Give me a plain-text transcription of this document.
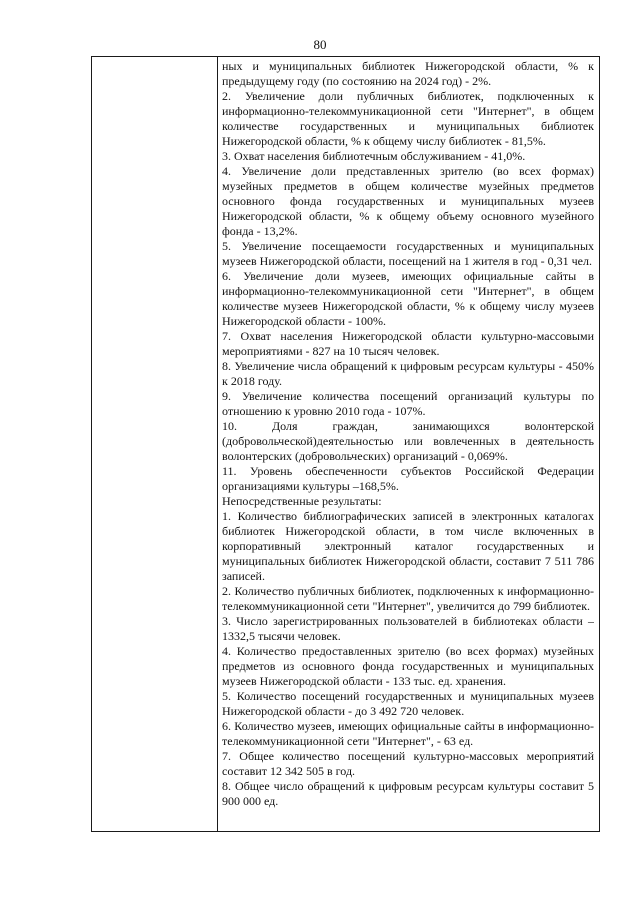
80

ных и муниципальных библиотек Нижегородской области, % к предыдущему году (по состоянию на 2024 год) - 2%.

2. Увеличение доли публичных библиотек, подключенных к информационно-телекоммуникационной сети "Интернет", в общем количестве государственных и муниципальных библиотек Нижегородской области, % к общему числу библиотек - 81,5%.

3. Охват населения библиотечным обслуживанием - 41,0%.

4. Увеличение доли представленных зрителю (во всех формах) музейных предметов в общем количестве музейных предметов основного фонда государственных и муниципальных музеев Нижегородской области, % к общему объему основного музейного фонда - 13,2%.

5. Увеличение посещаемости государственных и муниципальных музеев Нижегородской области, посещений на 1 жителя в год - 0,31 чел.

6. Увеличение доли музеев, имеющих официальные сайты в информационно-телекоммуникационной сети "Интернет", в общем количестве музеев Нижегородской области, % к общему числу музеев Нижегородской области - 100%.

7. Охват населения Нижегородской области культурно-массовыми мероприятиями - 827 на 10 тысяч человек.

8. Увеличение числа обращений к цифровым ресурсам культуры - 450% к 2018 году.

9. Увеличение количества посещений организаций культуры по отношению к уровню 2010 года - 107%.

10. Доля граждан, занимающихся волонтерской (добровольческой)деятельностью или вовлеченных в деятельность волонтерских (добровольческих) организаций - 0,069%.

11. Уровень обеспеченности субъектов Российской Федерации организациями культуры –168,5%.

Непосредственные результаты:

1. Количество библиографических записей в электронных каталогах библиотек Нижегородской области, в том числе включенных в корпоративный электронный каталог государственных и муниципальных библиотек Нижегородской области, составит 7 511 786 записей.

2. Количество публичных библиотек, подключенных к информационно-телекоммуникационной сети "Интернет", увеличится до 799 библиотек.

3. Число зарегистрированных пользователей в библиотеках области – 1332,5 тысячи человек.

4. Количество предоставленных зрителю (во всех формах) музейных предметов из основного фонда государственных и муниципальных музеев Нижегородской области - 133 тыс. ед. хранения.

5. Количество посещений государственных и муниципальных музеев Нижегородской области - до 3 492 720 человек.

6. Количество музеев, имеющих официальные сайты в информационно-телекоммуникационной сети "Интернет", - 63 ед.

7. Общее количество посещений культурно-массовых мероприятий составит 12 342 505 в год.

8. Общее число обращений к цифровым ресурсам культуры составит 5 900 000 ед.
